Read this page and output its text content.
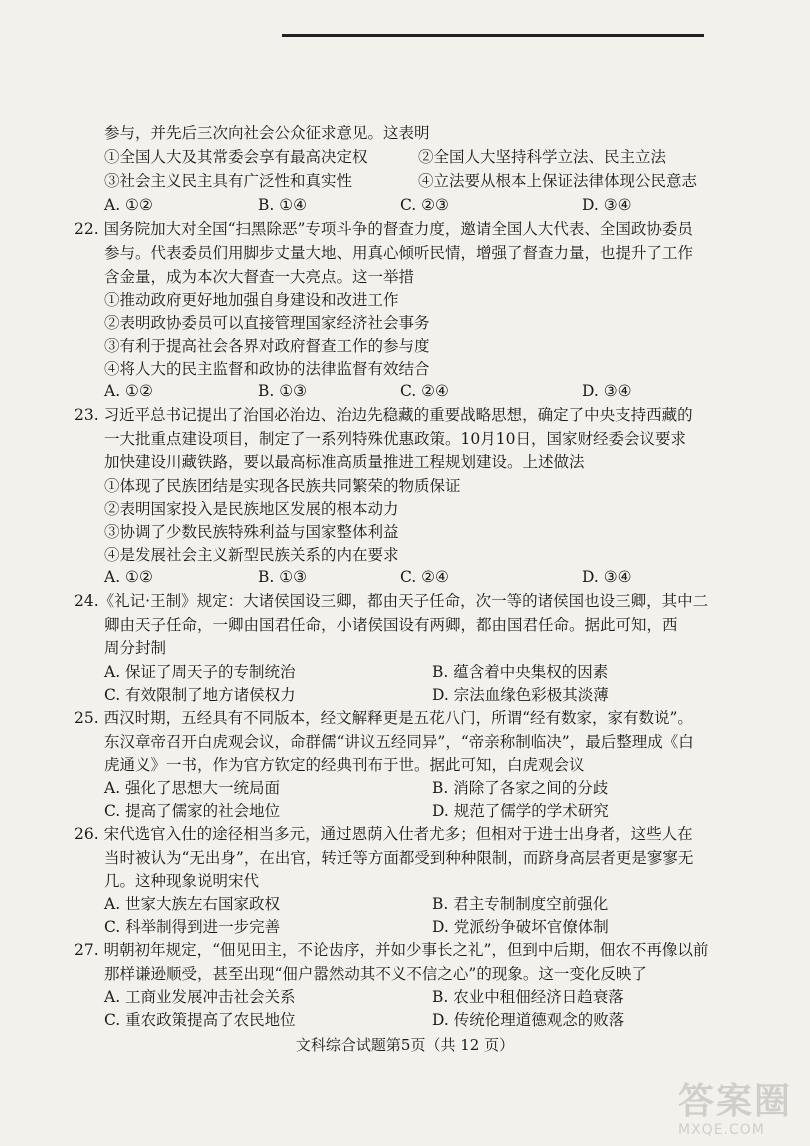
参与，并先后三次向社会公众征求意见。这表明
①全国人大及其常委会享有最高决定权	②全国人大坚持科学立法、民主立法
③社会主义民主具有广泛性和真实性	④立法要从根本上保证法律体现公民意志
A. ①②	B. ①④	C. ②③	D. ③④
22. 国务院加大对全国“扫黑除恶”专项斗争的督查力度，邀请全国人大代表、全国政协委员
参与。代表委员们用脚步丈量大地、用真心倾听民情，增强了督查力量，也提升了工作
含金量，成为本次大督查一大亮点。这一举措
①推动政府更好地加强自身建设和改进工作
②表明政协委员可以直接管理国家经济社会事务
③有利于提高社会各界对政府督查工作的参与度
④将人大的民主监督和政协的法律监督有效结合
A. ①②	B. ①③	C. ②④	D. ③④
23. 习近平总书记提出了治国必治边、治边先稳藏的重要战略思想，确定了中央支持西藏的
一大批重点建设项目，制定了一系列特殊优惠政策。10月10日，国家财经委会议要求
加快建设川藏铁路，要以最高标准高质量推进工程规划建设。上述做法
①体现了民族团结是实现各民族共同繁荣的物质保证
②表明国家投入是民族地区发展的根本动力
③协调了少数民族特殊利益与国家整体利益
④是发展社会主义新型民族关系的内在要求
A. ①②	B. ①③	C. ②④	D. ③④
24.《礼记·王制》规定：大诸侯国设三卿，都由天子任命，次一等的诸侯国也设三卿，其中二
卿由天子任命，一卿由国君任命，小诸侯国设有两卿，都由国君任命。据此可知，西
周分封制
A. 保证了周天子的专制统治	B. 蕴含着中央集权的因素
C. 有效限制了地方诸侯权力	D. 宗法血缘色彩极其淡薄
25. 西汉时期，五经具有不同版本，经文解释更是五花八门，所谓“经有数家，家有数说”。
东汉章帝召开白虎观会议，命群儒“讲议五经同异”，“帝亲称制临决”，最后整理成《白
虎通义》一书，作为官方钦定的经典刊布于世。据此可知，白虎观会议
A. 强化了思想大一统局面	B. 消除了各家之间的分歧
C. 提高了儒家的社会地位	D. 规范了儒学的学术研究
26. 宋代选官入仕的途径相当多元，通过恩荫入仕者尤多；但相对于进士出身者，这些人在
当时被认为“无出身”，在出官，转迁等方面都受到种种限制，而跻身高层者更是寥寥无
几。这种现象说明宋代
A. 世家大族左右国家政权	B. 君主专制制度空前强化
C. 科举制得到进一步完善	D. 党派纷争破坏官僚体制
27. 明朝初年规定，“佃见田主，不论齿序，并如少事长之礼”，但到中后期，佃农不再像以前
那样谦逊顺受，甚至出现“佃户嚣然动其不义不信之心”的现象。这一变化反映了
A. 工商业发展冲击社会关系	B. 农业中租佃经济日趋衰落
C. 重农政策提高了农民地位	D. 传统伦理道德观念的败落
文科综合试题第5页（共 12 页）
答案圈
MXQE.COM
